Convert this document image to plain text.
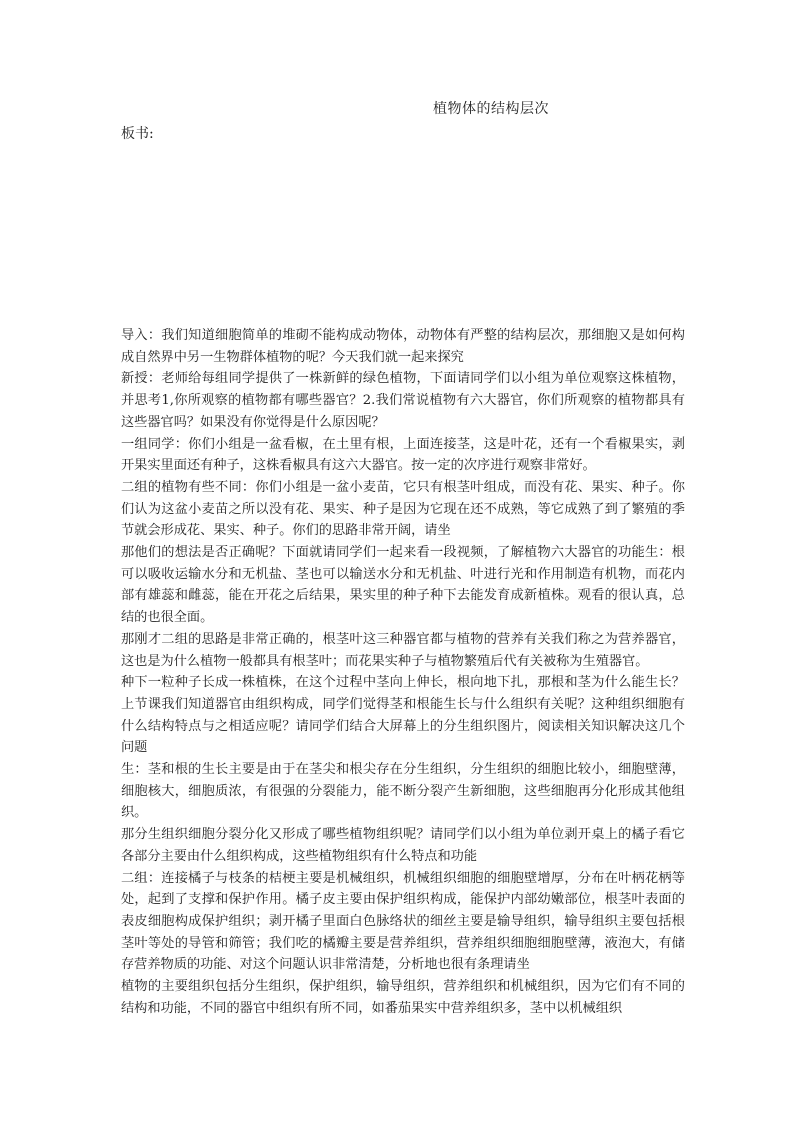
植物体的结构层次
板书:

导入：我们知道细胞简单的堆砌不能构成动物体，动物体有严整的结构层次，那细胞又是如何构成自然界中另一生物群体植物的呢？今天我们就一起来探究

新授：老师给每组同学提供了一株新鲜的绿色植物，下面请同学们以小组为单位观察这株植物，并思考1,你所观察的植物都有哪些器官？2.我们常说植物有六大器官，你们所观察的植物都具有这些器官吗？如果没有你觉得是什么原因呢？

一组同学：你们小组是一盆看椒，在土里有根，上面连接茎，这是叶花，还有一个看椒果实，剥开果实里面还有种子，这株看椒具有这六大器官。按一定的次序进行观察非常好。

二组的植物有些不同：你们小组是一盆小麦苗，它只有根茎叶组成，而没有花、果实、种子。你们认为这盆小麦苗之所以没有花、果实、种子是因为它现在还不成熟，等它成熟了到了繁殖的季节就会形成花、果实、种子。你们的思路非常开阔，请坐

那他们的想法是否正确呢？下面就请同学们一起来看一段视频，了解植物六大器官的功能生：根可以吸收运输水分和无机盐、茎也可以输送水分和无机盐、叶进行光和作用制造有机物，而花内部有雄蕊和雌蕊，能在开花之后结果，果实里的种子种下去能发育成新植株。观看的很认真，总结的也很全面。

那刚才二组的思路是非常正确的，根茎叶这三种器官都与植物的营养有关我们称之为营养器官，这也是为什么植物一般都具有根茎叶；而花果实种子与植物繁殖后代有关被称为生殖器官。

种下一粒种子长成一株植株，在这个过程中茎向上伸长，根向地下扎，那根和茎为什么能生长？上节课我们知道器官由组织构成，同学们觉得茎和根能生长与什么组织有关呢？这种组织细胞有什么结构特点与之相适应呢？请同学们结合大屏幕上的分生组织图片，阅读相关知识解决这几个问题

生：茎和根的生长主要是由于在茎尖和根尖存在分生组织，分生组织的细胞比较小，细胞壁薄，细胞核大，细胞质浓，有很强的分裂能力，能不断分裂产生新细胞，这些细胞再分化形成其他组织。

那分生组织细胞分裂分化又形成了哪些植物组织呢？请同学们以小组为单位剥开桌上的橘子看它各部分主要由什么组织构成，这些植物组织有什么特点和功能

二组：连接橘子与枝条的桔梗主要是机械组织，机械组织细胞的细胞壁增厚，分布在叶柄花柄等处，起到了支撑和保护作用。橘子皮主要由保护组织构成，能保护内部幼嫩部位，根茎叶表面的表皮细胞构成保护组织；剥开橘子里面白色脉络状的细丝主要是输导组织，输导组织主要包括根茎叶等处的导管和筛管；我们吃的橘瓣主要是营养组织，营养组织细胞细胞壁薄，液泡大，有储存营养物质的功能、对这个问题认识非常清楚，分析地也很有条理请坐

植物的主要组织包括分生组织，保护组织，输导组织，营养组织和机械组织，因为它们有不同的结构和功能，不同的器官中组织有所不同，如番茄果实中营养组织多，茎中以机械组织
